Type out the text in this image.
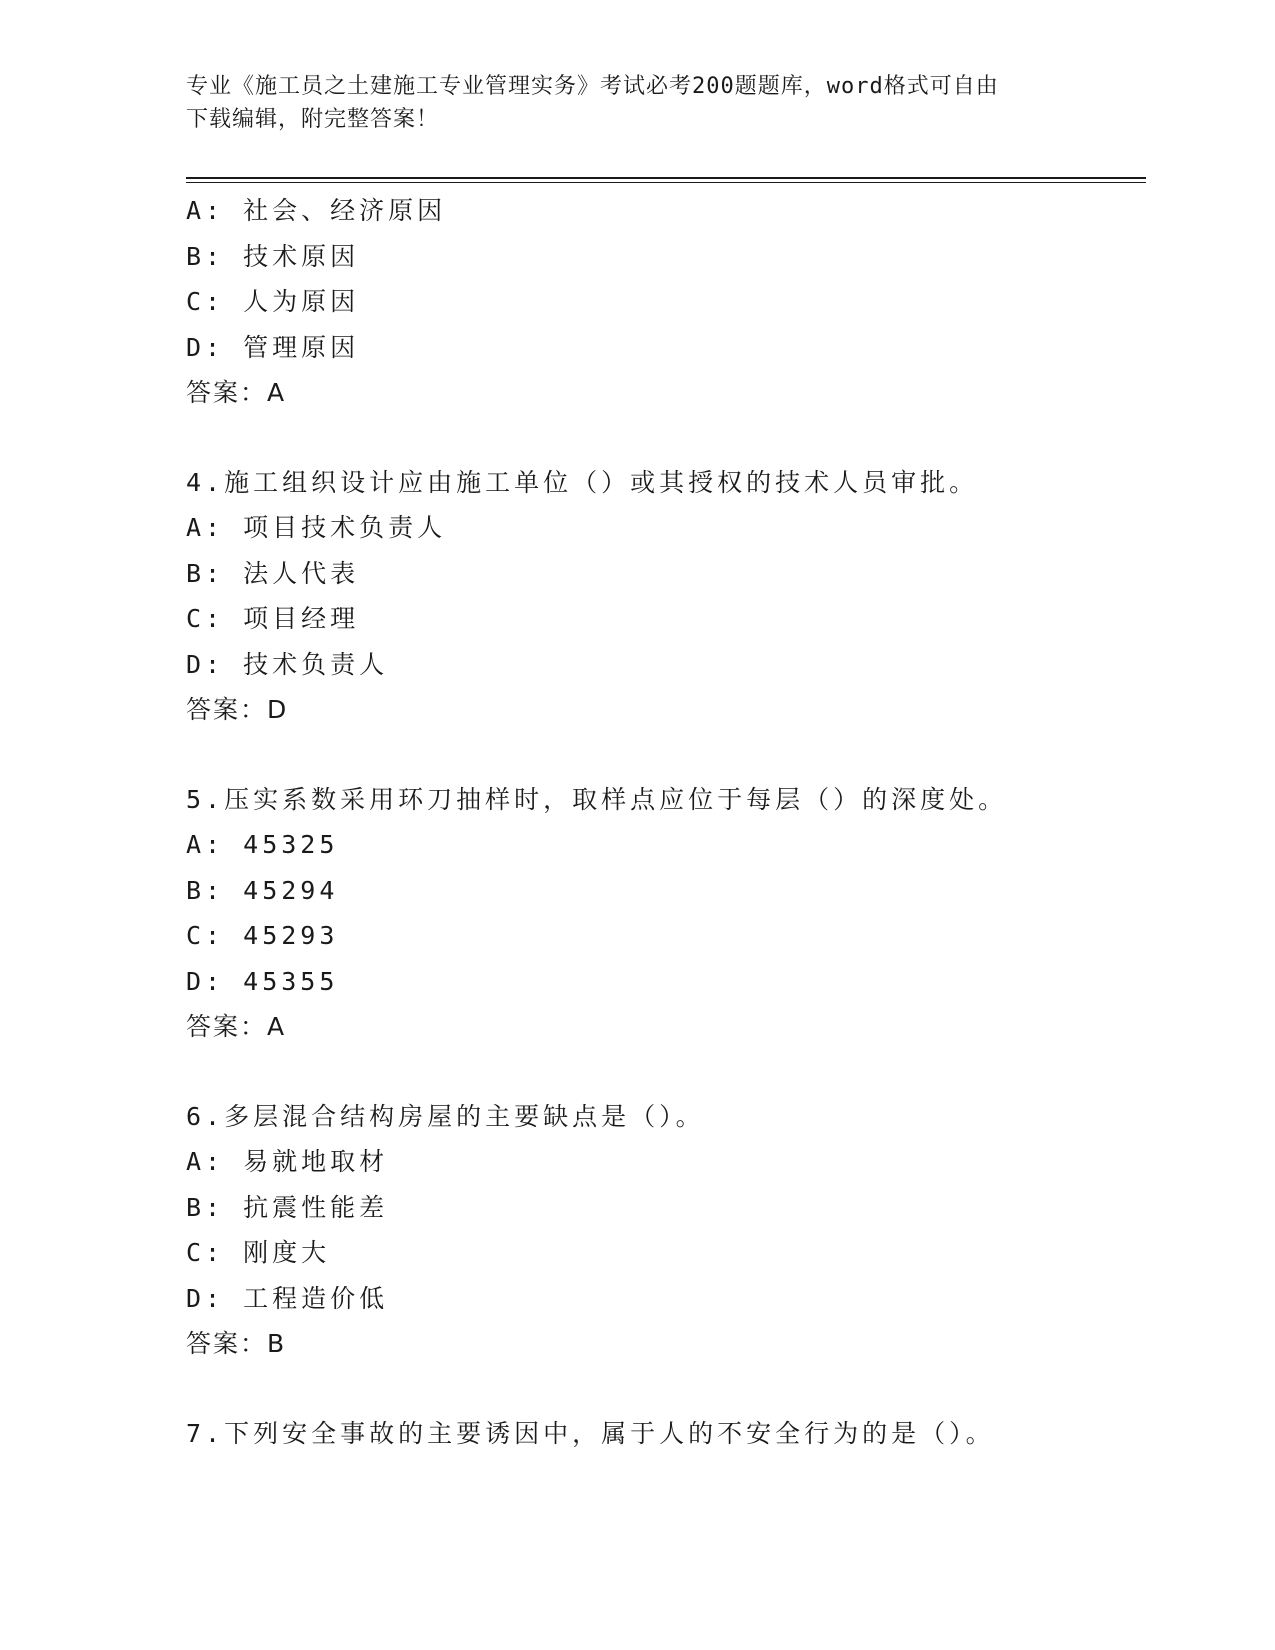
专业《施工员之土建施工专业管理实务》考试必考200题题库，word格式可自由
下载编辑，附完整答案！
A: 社会、经济原因
B: 技术原因
C: 人为原因
D: 管理原因
答案：A
4.施工组织设计应由施工单位（）或其授权的技术人员审批。
A: 项目技术负责人
B: 法人代表
C: 项目经理
D: 技术负责人
答案：D
5.压实系数采用环刀抽样时，取样点应位于每层（）的深度处。
A: 45325
B: 45294
C: 45293
D: 45355
答案：A
6.多层混合结构房屋的主要缺点是（）。
A: 易就地取材
B: 抗震性能差
C: 刚度大
D: 工程造价低
答案：B
7.下列安全事故的主要诱因中，属于人的不安全行为的是（）。
